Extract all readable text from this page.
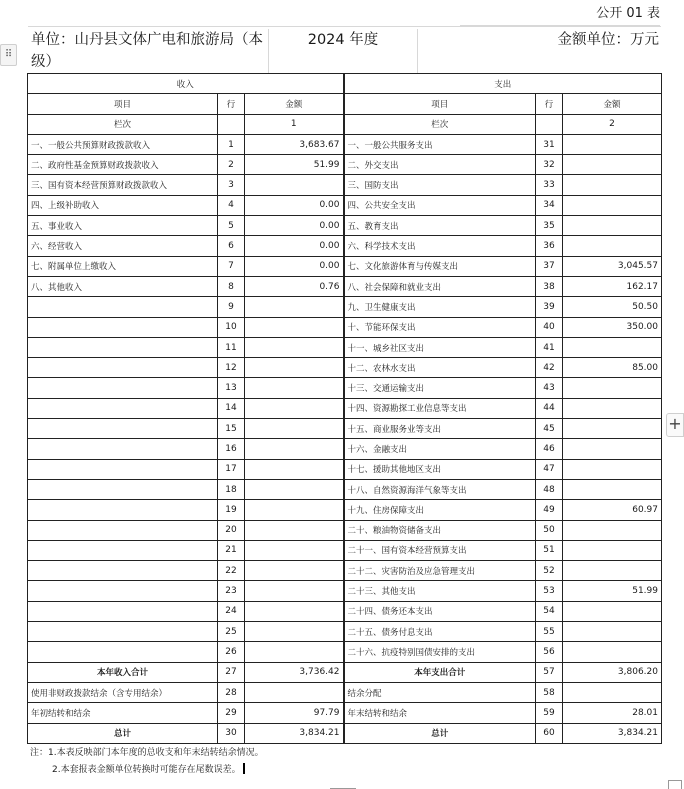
⠿
公开 01 表
单位：山丹县文体广电和旅游局（本级）
2024 年度	金额单位：万元
收入			支出		
项目	行	金额	项目	行	金额
栏次		1	栏次		2
一、一般公共预算财政拨款收入	1	3,683.67	一、一般公共服务支出	31	
二、政府性基金预算财政拨款收入	2	51.99	二、外交支出	32	
三、国有资本经营预算财政拨款收入	3		三、国防支出	33	
四、上级补助收入	4	0.00	四、公共安全支出	34	
五、事业收入	5	0.00	五、教育支出	35	
六、经营收入	6	0.00	六、科学技术支出	36	
七、附属单位上缴收入	7	0.00	七、文化旅游体育与传媒支出	37	3,045.57
八、其他收入	8	0.76	八、社会保障和就业支出	38	162.17
	9		九、卫生健康支出	39	50.50
	10		十、节能环保支出	40	350.00
	11		十一、城乡社区支出	41	
	12		十二、农林水支出	42	85.00
	13		十三、交通运输支出	43	
	14		十四、资源勘探工业信息等支出	44	
	15		十五、商业服务业等支出	45	
	16		十六、金融支出	46	
	17		十七、援助其他地区支出	47	
	18		十八、自然资源海洋气象等支出	48	
	19		十九、住房保障支出	49	60.97
	20		二十、粮油物资储备支出	50	
	21		二十一、国有资本经营预算支出	51	
	22		二十二、灾害防治及应急管理支出	52	
	23		二十三、其他支出	53	51.99
	24		二十四、债务还本支出	54	
	25		二十五、债务付息支出	55	
	26		二十六、抗疫特别国债安排的支出	56	
本年收入合计	27	3,736.42	本年支出合计	57	3,806.20
使用非财政拨款结余（含专用结余）	28		结余分配	58	
年初结转和结余	29	97.79	年末结转和结余	59	28.01
总计	30	3,834.21	总计	60	3,834.21
注：1.本表反映部门本年度的总收支和年末结转结余情况。
2.本套报表金额单位转换时可能存在尾数误差。
+
